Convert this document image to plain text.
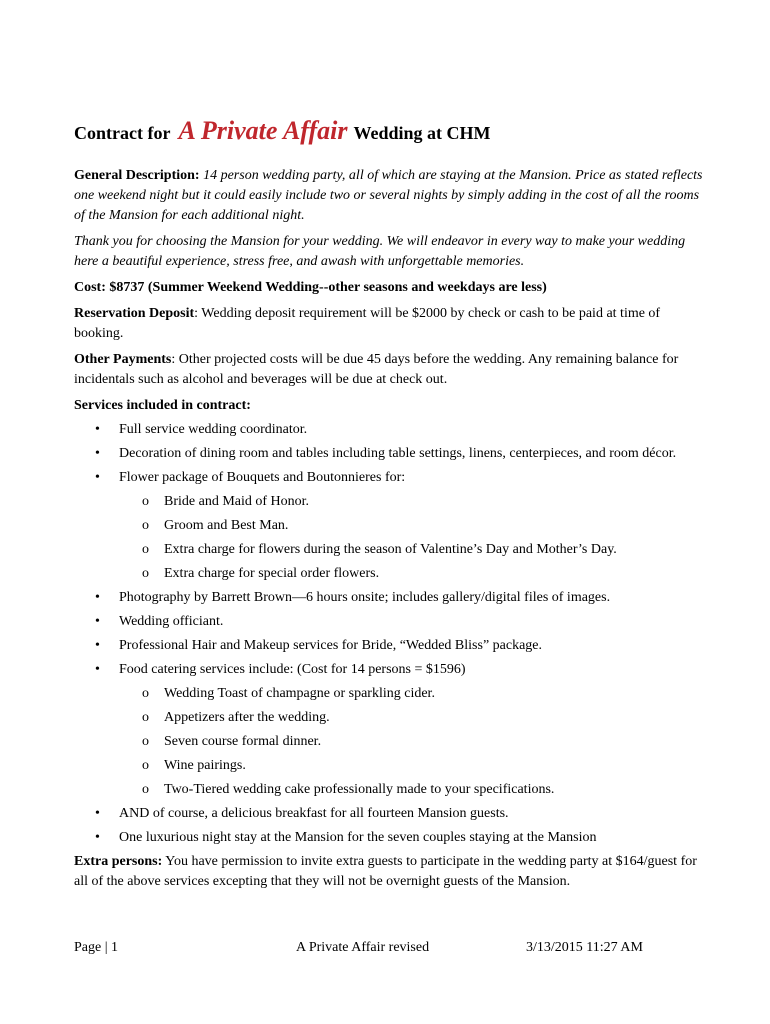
Contract for A Private Affair Wedding at CHM

General Description: 14 person wedding party, all of which are staying at the Mansion. Price as stated reflects one weekend night but it could easily include two or several nights by simply adding in the cost of all the rooms of the Mansion for each additional night.

Thank you for choosing the Mansion for your wedding. We will endeavor in every way to make your wedding here a beautiful experience, stress free, and awash with unforgettable memories.

Cost: $8737 (Summer Weekend Wedding--other seasons and weekdays are less)

Reservation Deposit: Wedding deposit requirement will be $2000 by check or cash to be paid at time of booking.

Other Payments: Other projected costs will be due 45 days before the wedding. Any remaining balance for incidentals such as alcohol and beverages will be due at check out.

Services included in contract:
• Full service wedding coordinator.
• Decoration of dining room and tables including table settings, linens, centerpieces, and room décor.
• Flower package of Bouquets and Boutonnieres for:
o Bride and Maid of Honor.
o Groom and Best Man.
o Extra charge for flowers during the season of Valentine’s Day and Mother’s Day.
o Extra charge for special order flowers.
• Photography by Barrett Brown—6 hours onsite; includes gallery/digital files of images.
• Wedding officiant.
• Professional Hair and Makeup services for Bride, “Wedded Bliss” package.
• Food catering services include: (Cost for 14 persons = $1596)
o Wedding Toast of champagne or sparkling cider.
o Appetizers after the wedding.
o Seven course formal dinner.
o Wine pairings.
o Two-Tiered wedding cake professionally made to your specifications.
• AND of course, a delicious breakfast for all fourteen Mansion guests.
• One luxurious night stay at the Mansion for the seven couples staying at the Mansion

Extra persons: You have permission to invite extra guests to participate in the wedding party at $164/guest for all of the above services excepting that they will not be overnight guests of the Mansion.

Page | 1	A Private Affair revised	3/13/2015 11:27 AM
